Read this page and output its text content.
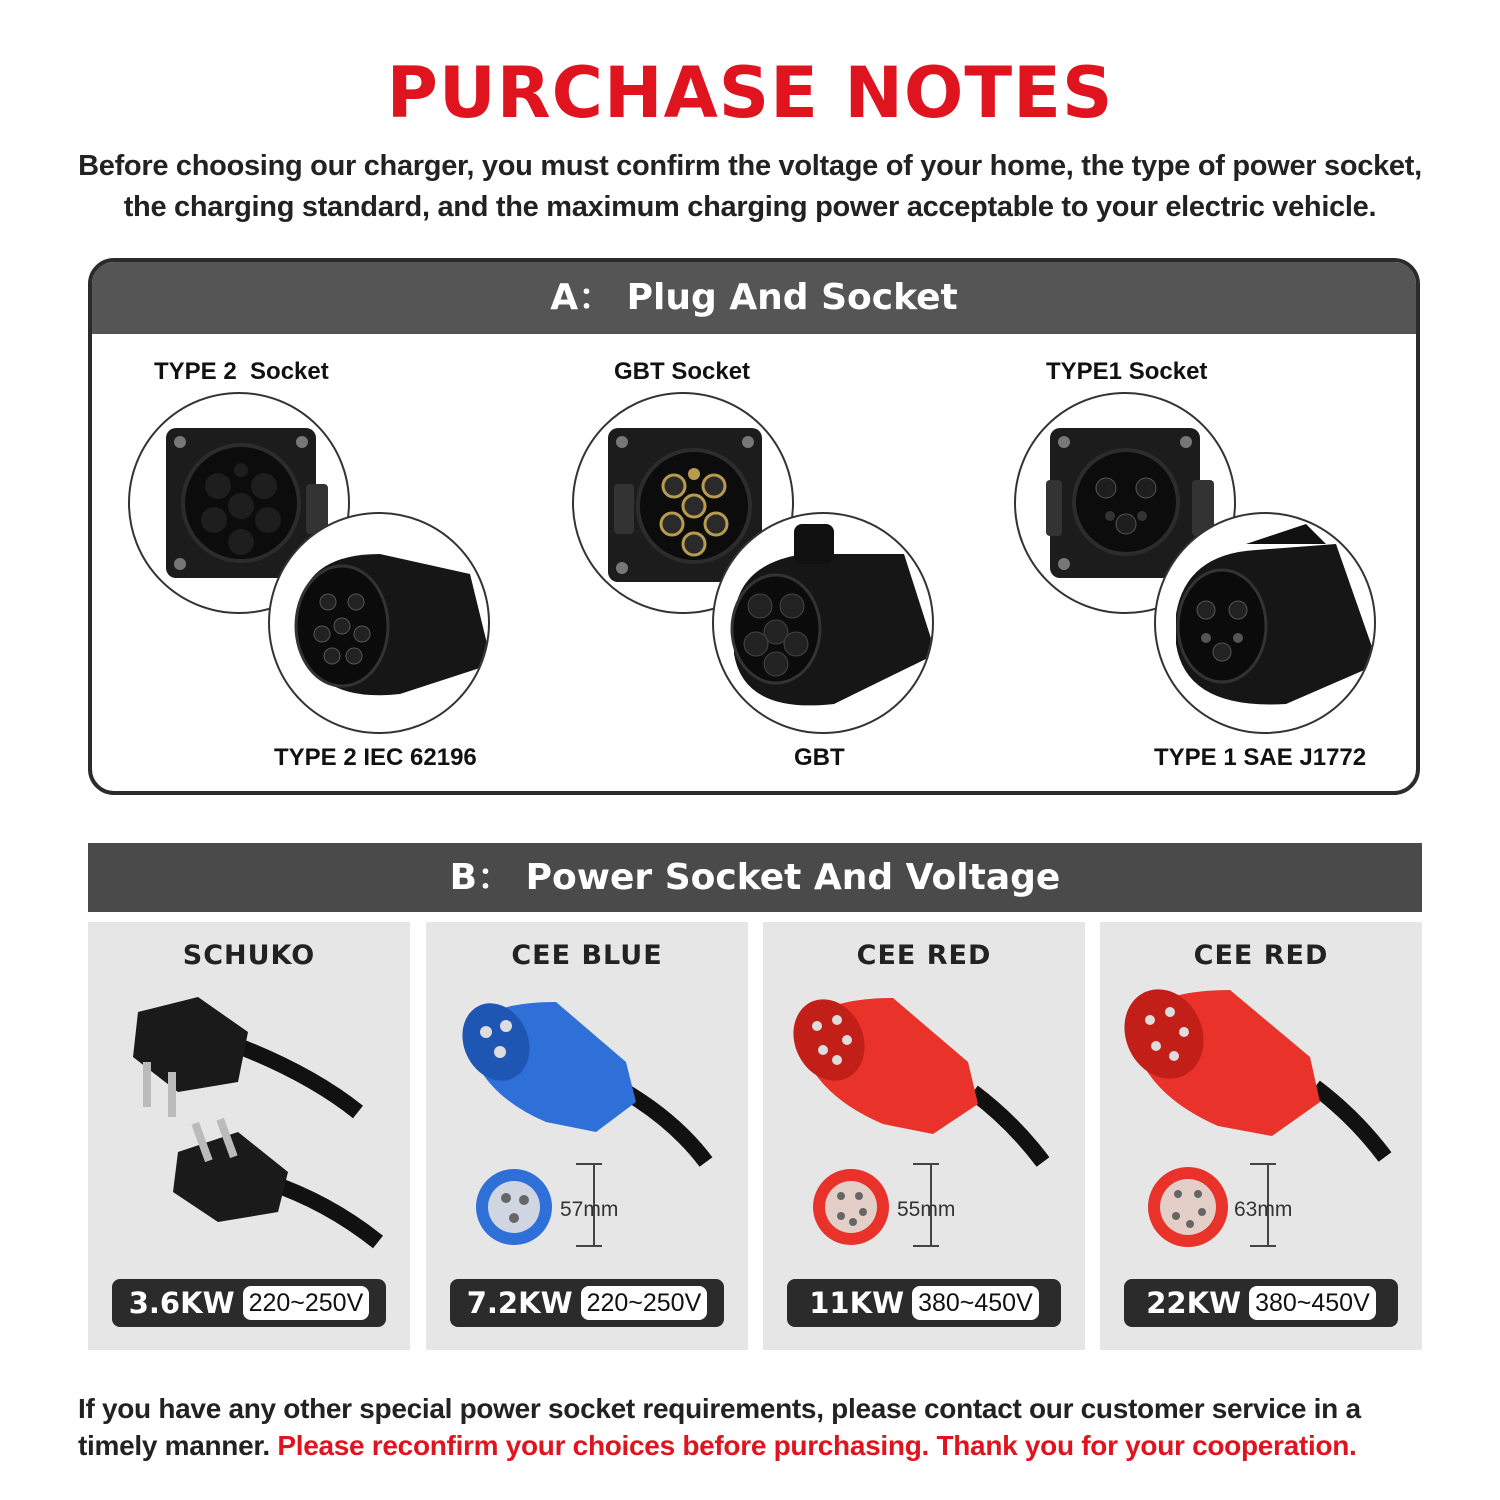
PURCHASE NOTES
Before choosing our charger, you must confirm the voltage of your home, the type of power socket,
the charging standard, and the maximum charging power acceptable to your electric vehicle.
A： Plug And Socket
TYPE 2  Socket
TYPE 2 IEC 62196
GBT Socket
GBT
TYPE1 Socket
TYPE 1 SAE J1772
B： Power Socket And Voltage
SCHUKO
3.6KW 220~250V
CEE BLUE
57mm
7.2KW 220~250V
CEE RED
55mm
11KW 380~450V
CEE RED
63mm
22KW 380~450V
If you have any other special power socket requirements, please contact our customer service in a timely manner. Please reconfirm your choices before purchasing. Thank you for your cooperation.
